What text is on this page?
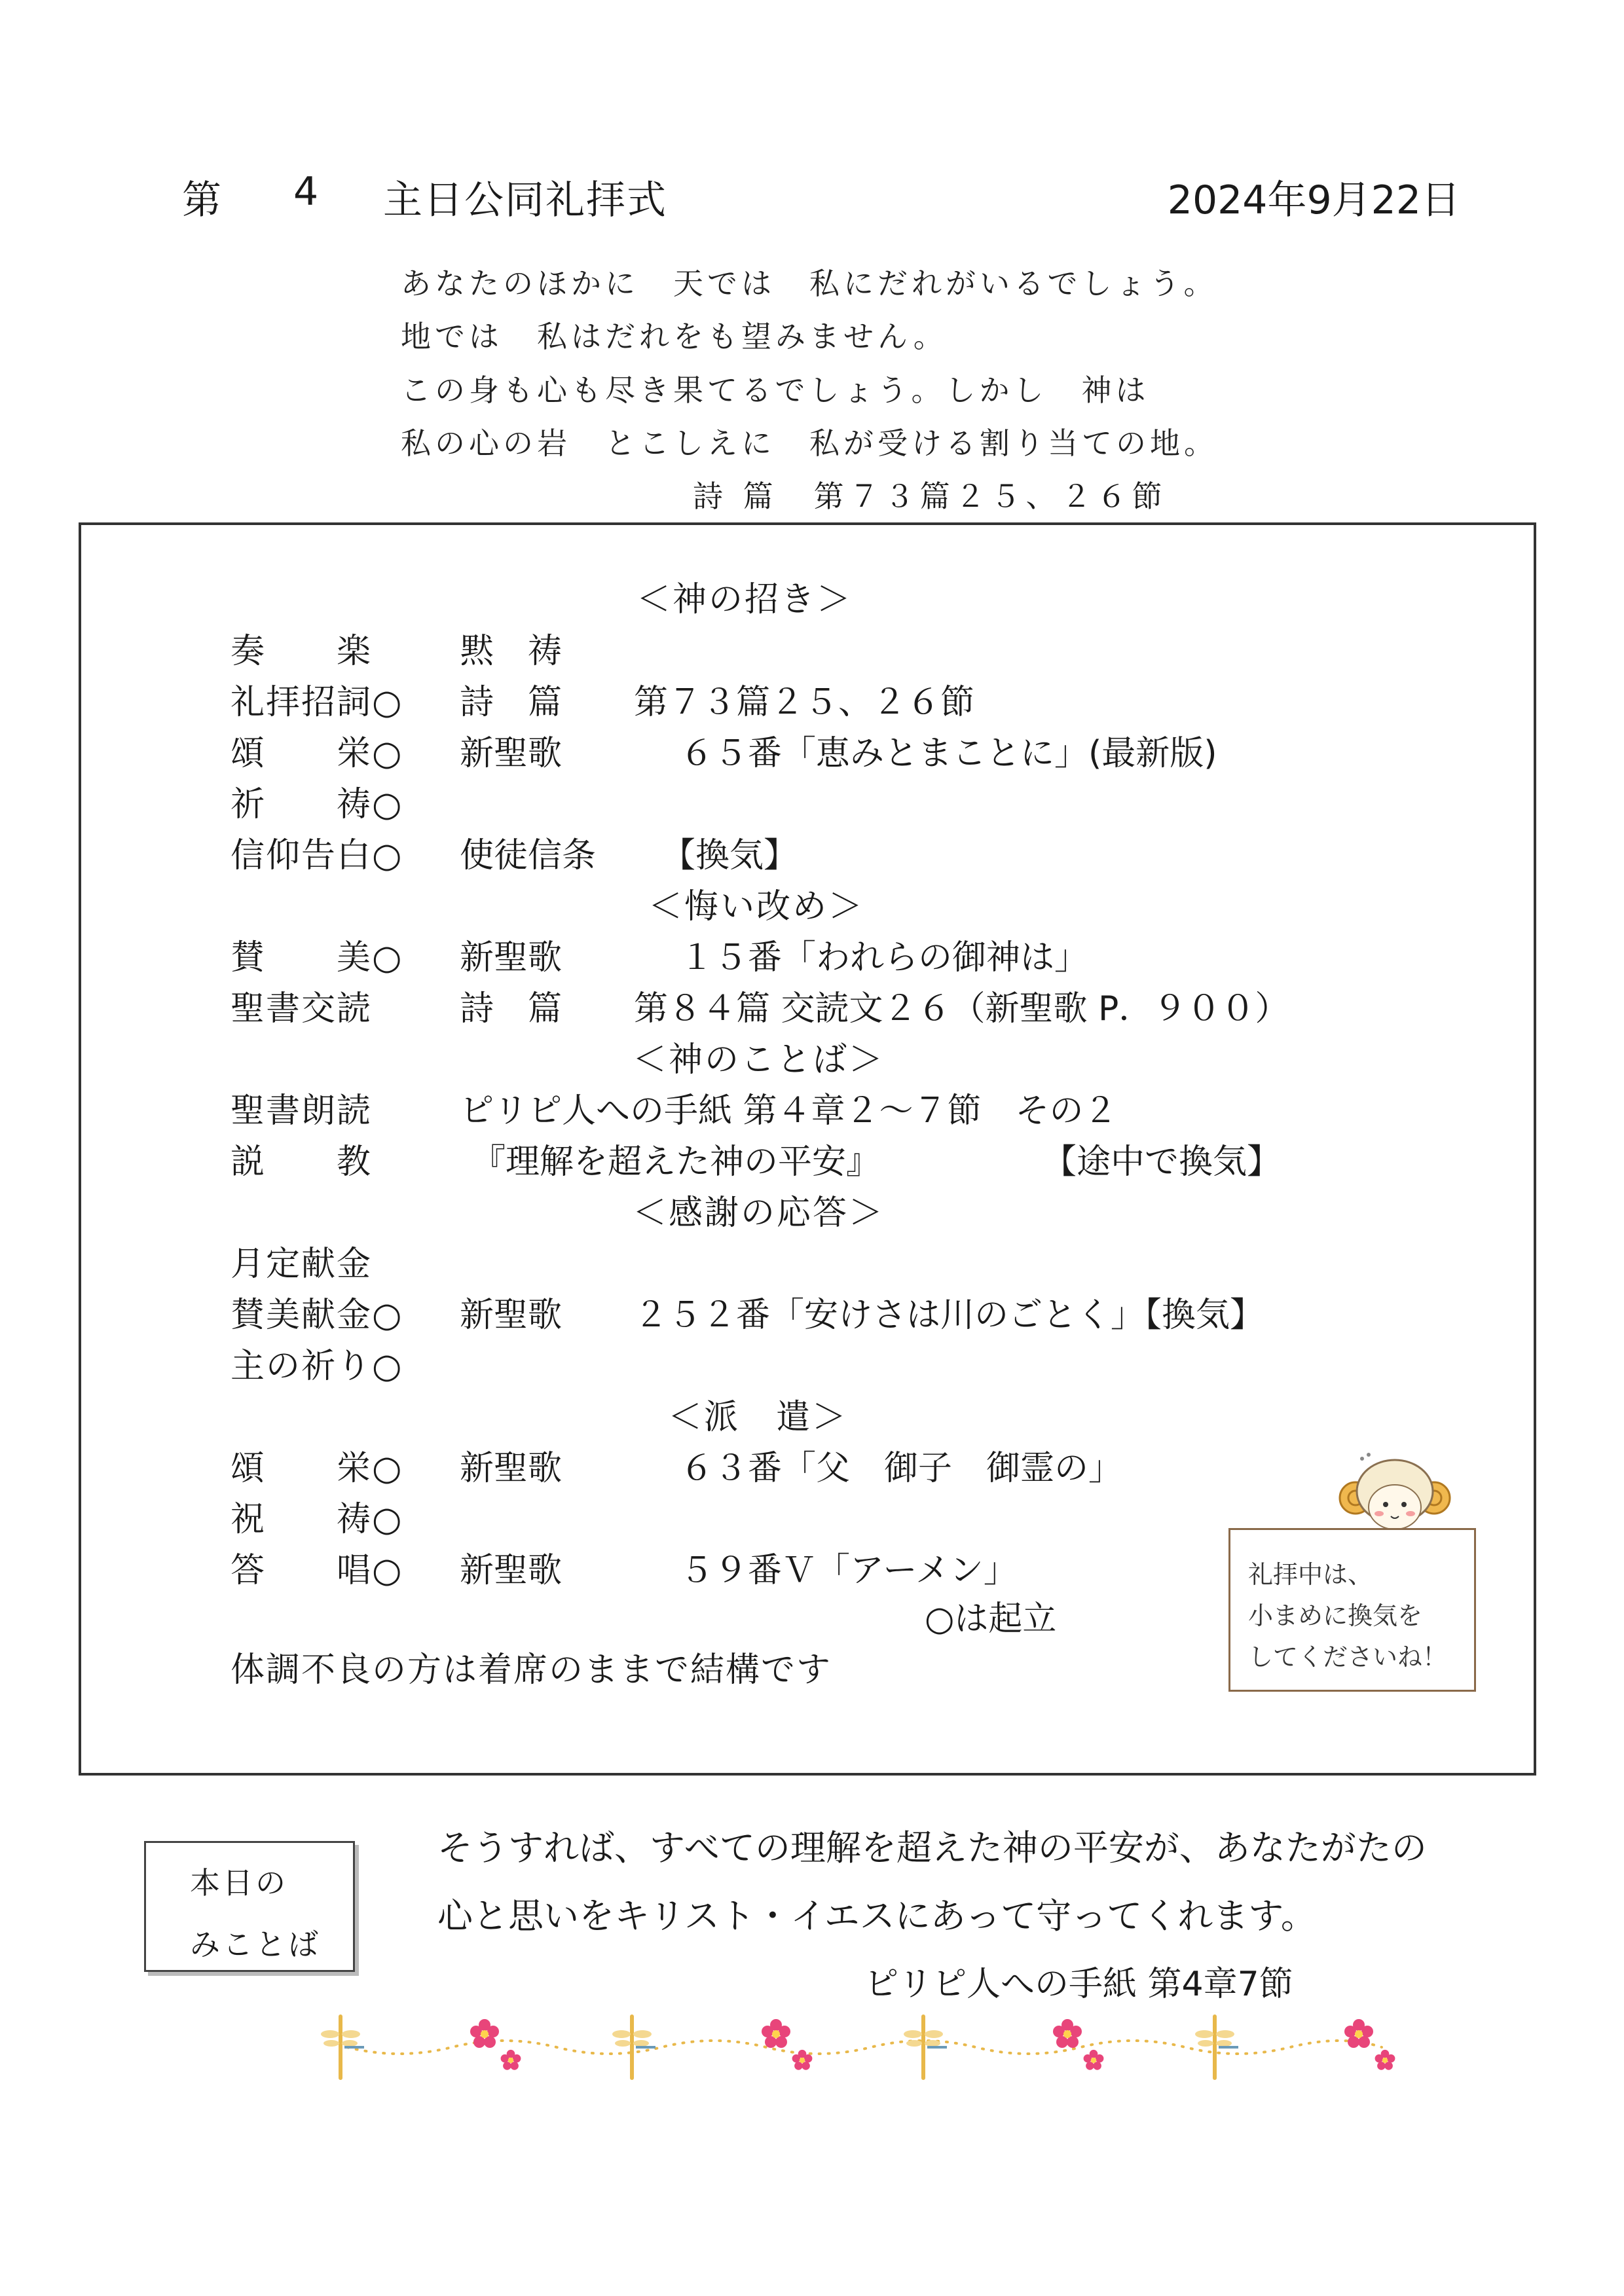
第 4 主日公同礼拝式	2024年9月22日
あなたのほかに　天では　私にだれがいるでしょう。
地では　私はだれをも望みません。
この身も心も尽き果てるでしょう。しかし　神は
私の心の岩　とこしえに　私が受ける割り当ての地。
詩 篇　第７３篇２５、２６節
＜神の招き＞
奏　　楽	黙　祷
礼拝招詞○ 詩　篇 第７３篇２５、２６節
頌　　栄○ 新聖歌	６５番「恵みとまことに」(最新版)
祈　　祷○
信仰告白○ 使徒信条 【換気】
＜悔い改め＞
賛　　美○ 新聖歌	１５番「われらの御神は」
聖書交読	詩　篇 第８４篇 交読文２６（新聖歌 P．９００）
＜神のことば＞
聖書朗読	ピリピ人への手紙 第４章２～７節　その２
説　　教	『理解を超えた神の平安』	【途中で換気】
＜感謝の応答＞
月定献金
賛美献金○ 新聖歌 ２５２番「安けさは川のごとく」【換気】
主の祈り○
＜派　遣＞
頌　　栄○ 新聖歌	６３番「父　御子　御霊の」
祝　　祷○
答　　唱○ 新聖歌	５９番Ｖ「アーメン」
○は起立
体調不良の方は着席のままで結構です
礼拝中は、
小まめに換気を
してくださいね！
本日の
みことば
そうすれば、すべての理解を超えた神の平安が、あなたがたの
心と思いをキリスト・イエスにあって守ってくれます。
ピリピ人への手紙 第4章7節
